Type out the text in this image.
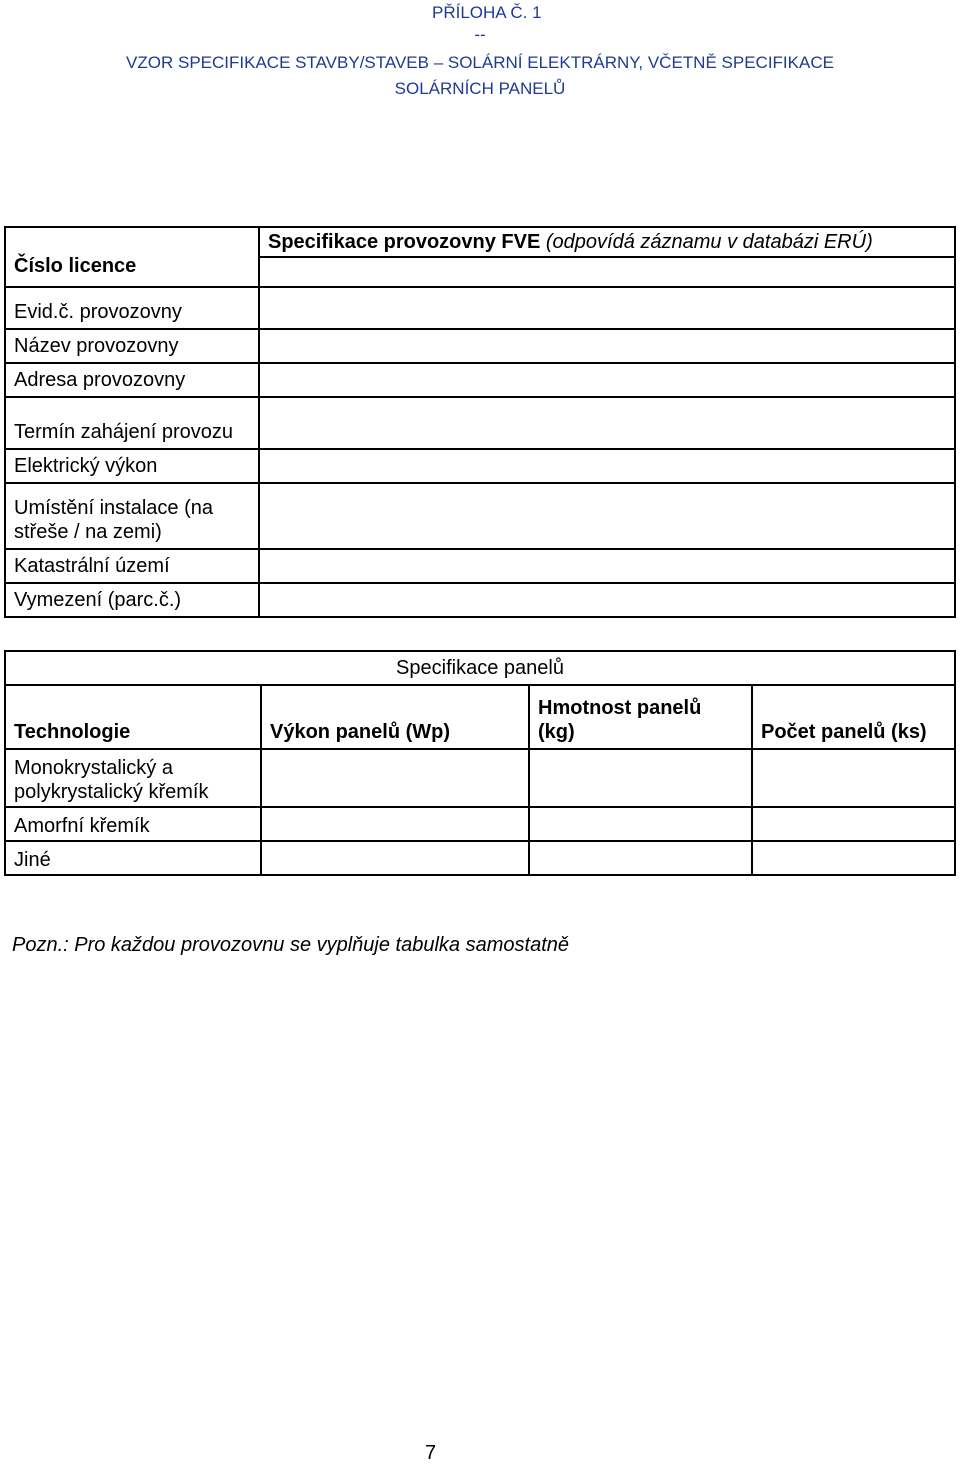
PŘÍLOHA Č. 1
--
VZOR SPECIFIKACE STAVBY/STAVEB – SOLÁRNÍ ELEKTRÁRNY, VČETNĚ SPECIFIKACE
SOLÁRNÍCH PANELŮ
Číslo licence	Specifikace provozovny FVE (odpovídá záznamu v databázi ERÚ)

Evid.č. provozovny	
Název provozovny	
Adresa provozovny	
Termín zahájení provozu	
Elektrický výkon	
Umístění instalace (na střeše / na zemi)	
Katastrální území	
Vymezení (parc.č.)	
Specifikace panelů			
Technologie	Výkon panelů (Wp)	Hmotnost panelů (kg)	Počet panelů (ks)
Monokrystalický a polykrystalický křemík			
Amorfní křemík			
Jiné			
Pozn.: Pro každou provozovnu se vyplňuje tabulka samostatně
7
